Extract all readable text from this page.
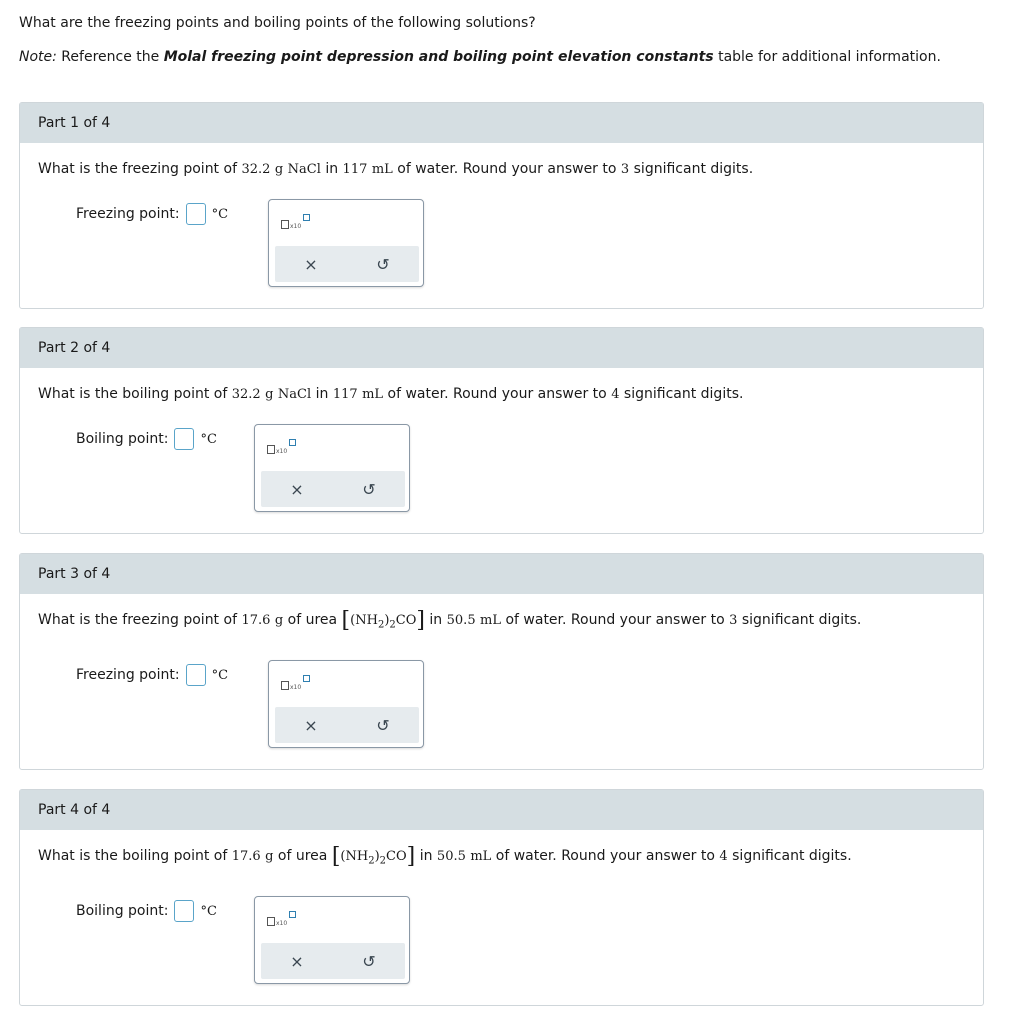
What are the freezing points and boiling points of the following solutions?
Note: Reference the Molal freezing point depression and boiling point elevation constants table for additional information.
Part 1 of 4
What is the freezing point of 32.2 g NaCl in 117 mL of water. Round your answer to 3 significant digits.
Freezing point: °C
x10
×	↺
Part 2 of 4
What is the boiling point of 32.2 g NaCl in 117 mL of water. Round your answer to 4 significant digits.
Boiling point: °C
x10
×	↺
Part 3 of 4
What is the freezing point of 17.6 g of urea $[(NH_2)_2CO]$ in 50.5 mL of water. Round your answer to 3 significant digits.
Freezing point: °C
x10
×	↺
Part 4 of 4
What is the boiling point of 17.6 g of urea $[(NH_2)_2CO]$ in 50.5 mL of water. Round your answer to 4 significant digits.
Boiling point: °C
x10
×	↺
